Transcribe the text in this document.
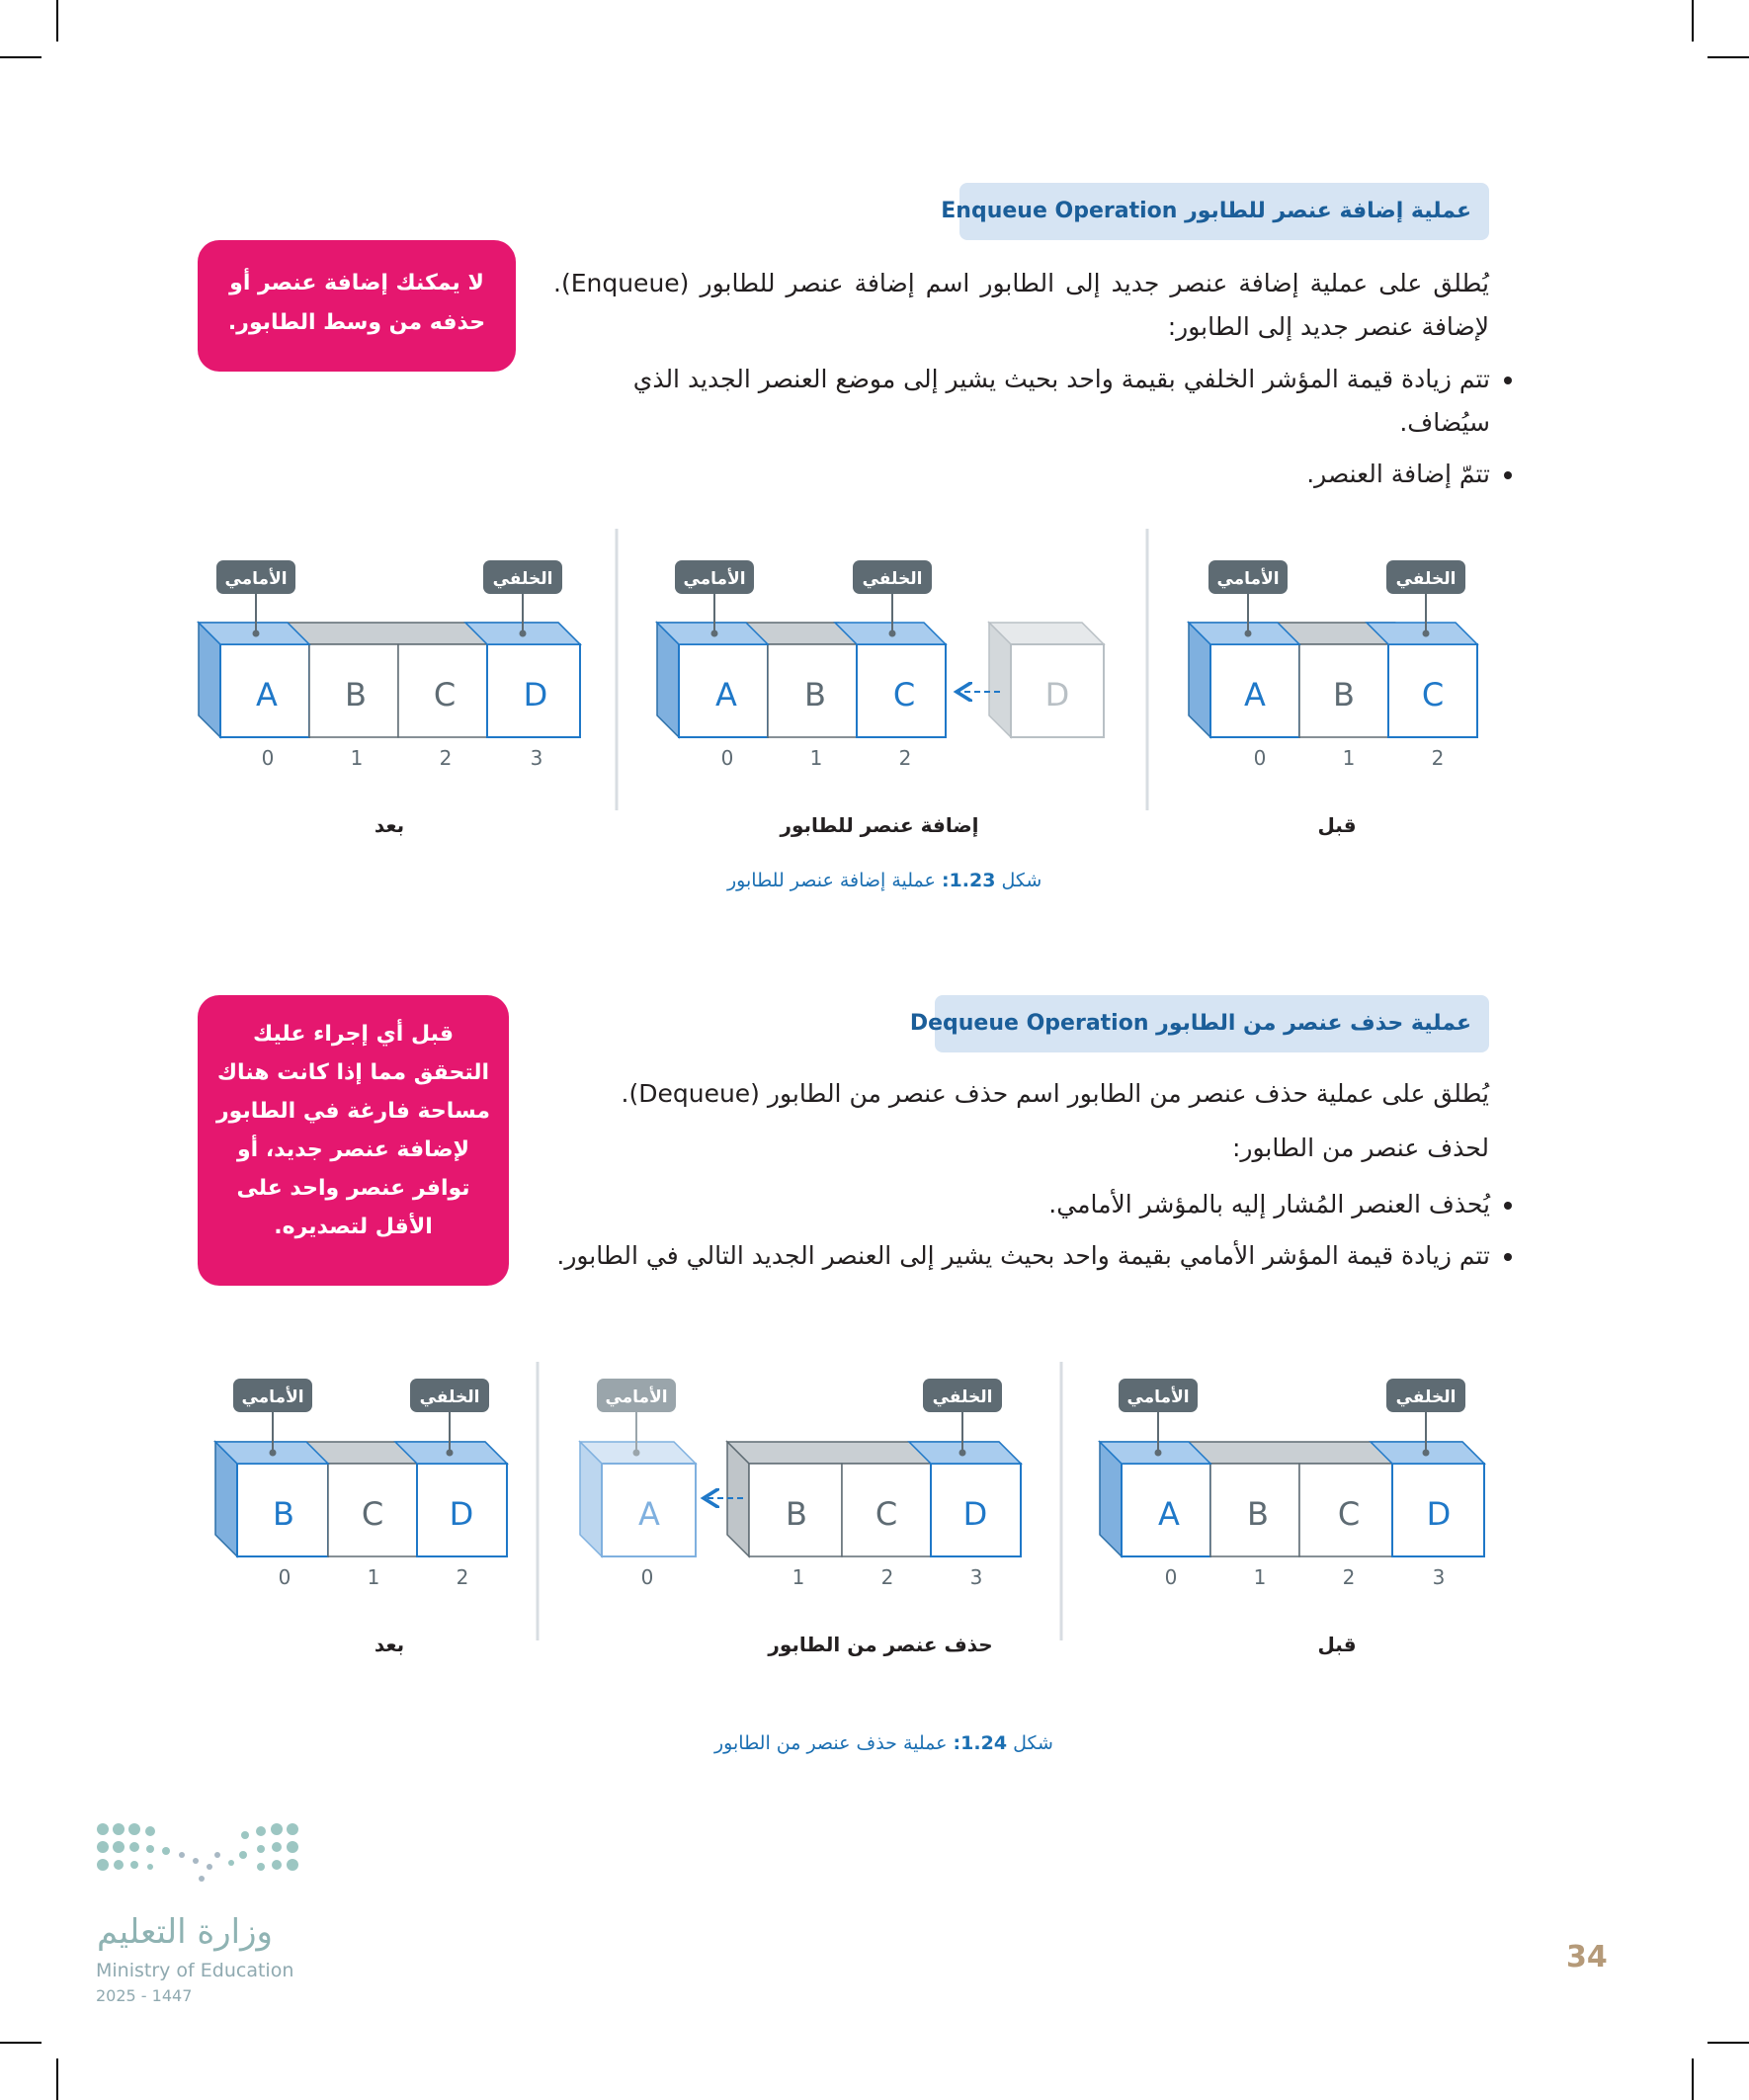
عملية إضافة عنصر للطابور Enqueue Operation
لا يمكنك إضافة عنصر أو
حذفه من وسط الطابور.
يُطلق على عملية إضافة عنصر جديد إلى الطابور اسم إضافة عنصر للطابور (Enqueue). لإضافة عنصر جديد إلى الطابور:
• تتم زيادة قيمة المؤشر الخلفي بقيمة واحد بحيث يشير إلى موضع العنصر الجديد الذي سيُضاف.
• تتمّ إضافة العنصر.
A B C
0	1	2
الأمامي	الخلفي
D
A B C
0	1	2
الأمامي	الخلفي
A B C D
0	1	2	3
الأمامي	الخلفي
A B C D
0	1	2	3
الأمامي	الخلفي
B C D
1	2	3
A
0
الأمامي	الخلفي
B C D
0	1	2
الأمامي	الخلفي
قبل
إضافة عنصر للطابور
بعد
شكل 1.23: عملية إضافة عنصر للطابور
عملية حذف عنصر من الطابور Dequeue Operation
قبل أي إجراء عليك
التحقق مما إذا كانت هناك
مساحة فارغة في الطابور
لإضافة عنصر جديد، أو
توافر عنصر واحد على
الأقل لتصديره.
يُطلق على عملية حذف عنصر من الطابور اسم حذف عنصر من الطابور (Dequeue).
لحذف عنصر من الطابور:
• يُحذف العنصر المُشار إليه بالمؤشر الأمامي.
• تتم زيادة قيمة المؤشر الأمامي بقيمة واحد بحيث يشير إلى العنصر الجديد التالي في الطابور.
قبل
حذف عنصر من الطابور
بعد
شكل 1.24: عملية حذف عنصر من الطابور
وزارة التعليم
Ministry of Education
2025 - 1447
34
